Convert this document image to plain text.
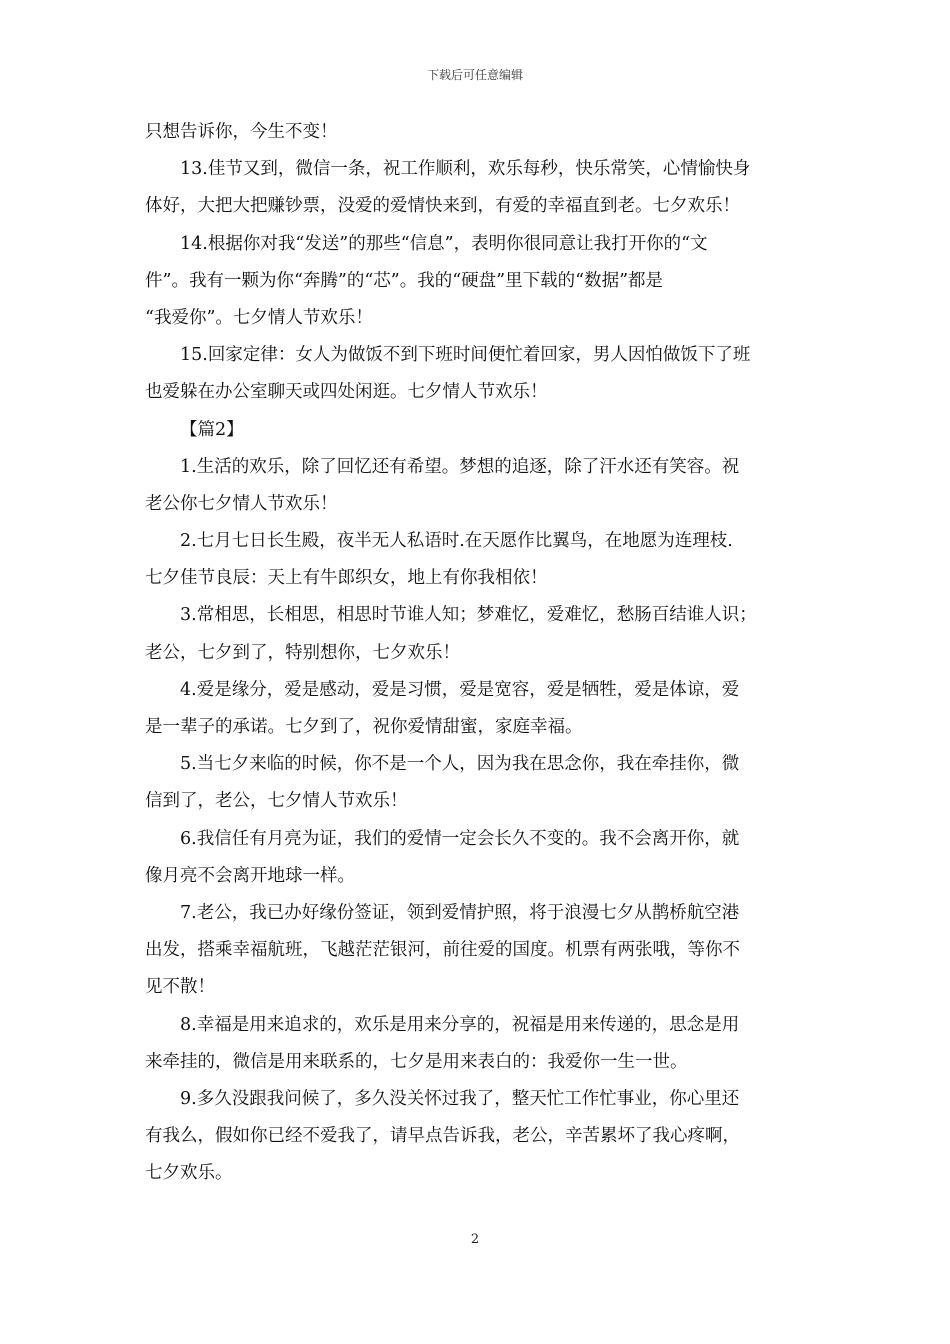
下载后可任意编辑
只想告诉你，今生不变！
13.佳节又到，微信一条，祝工作顺利，欢乐每秒，快乐常笑，心情愉快身
体好，大把大把赚钞票，没爱的爱情快来到，有爱的幸福直到老。七夕欢乐！
14.根据你对我“发送”的那些“信息”，表明你很同意让我打开你的“文
件”。我有一颗为你“奔腾”的“芯”。我的“硬盘”里下载的“数据”都是
“我爱你”。七夕情人节欢乐！
15.回家定律：女人为做饭不到下班时间便忙着回家，男人因怕做饭下了班
也爱躲在办公室聊天或四处闲逛。七夕情人节欢乐！
【篇2】
1.生活的欢乐，除了回忆还有希望。梦想的追逐，除了汗水还有笑容。祝
老公你七夕情人节欢乐！
2.七月七日长生殿，夜半无人私语时.在天愿作比翼鸟，在地愿为连理枝.
七夕佳节良辰：天上有牛郎织女，地上有你我相依！
3.常相思，长相思，相思时节谁人知；梦难忆，爱难忆，愁肠百结谁人识；
老公，七夕到了，特别想你，七夕欢乐！
4.爱是缘分，爱是感动，爱是习惯，爱是宽容，爱是牺牲，爱是体谅，爱
是一辈子的承诺。七夕到了，祝你爱情甜蜜，家庭幸福。
5.当七夕来临的时候，你不是一个人，因为我在思念你，我在牵挂你，微
信到了，老公，七夕情人节欢乐！
6.我信任有月亮为证，我们的爱情一定会长久不变的。我不会离开你，就
像月亮不会离开地球一样。
7.老公，我已办好缘份签证，领到爱情护照，将于浪漫七夕从鹊桥航空港
出发，搭乘幸福航班，飞越茫茫银河，前往爱的国度。机票有两张哦，等你不
见不散！
8.幸福是用来追求的，欢乐是用来分享的，祝福是用来传递的，思念是用
来牵挂的，微信是用来联系的，七夕是用来表白的：我爱你一生一世。
9.多久没跟我问候了，多久没关怀过我了，整天忙工作忙事业，你心里还
有我么，假如你已经不爱我了，请早点告诉我，老公，辛苦累坏了我心疼啊，
七夕欢乐。
2
